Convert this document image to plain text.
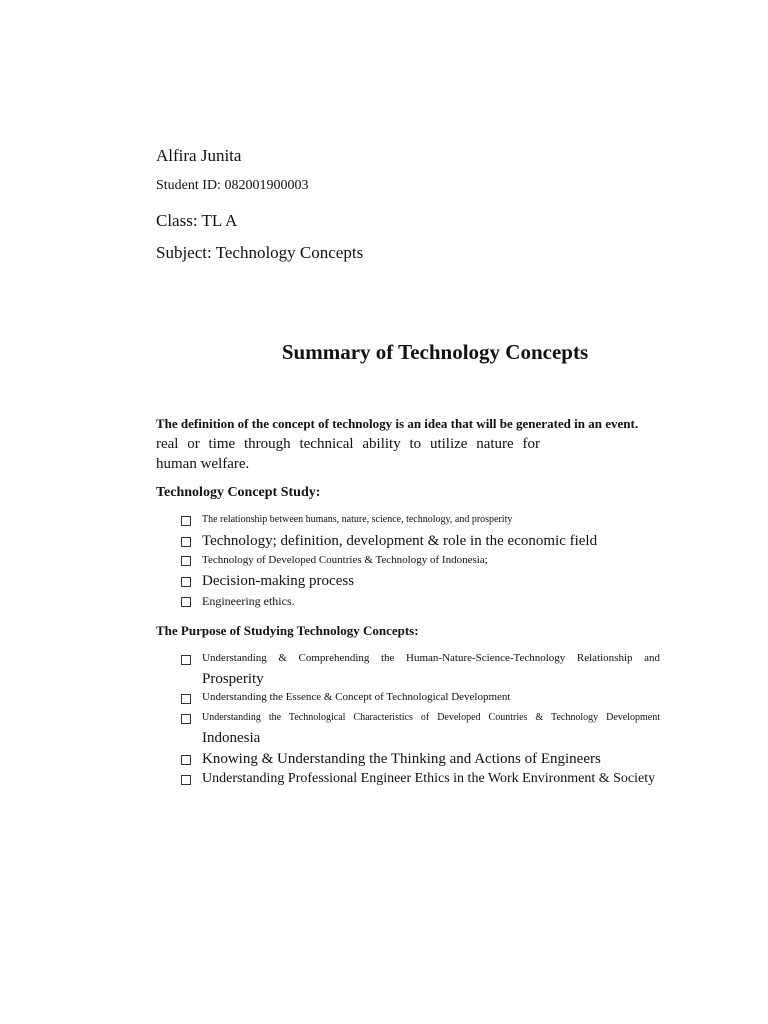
Alfira Junita
Student ID: 082001900003
Class: TL A
Subject: Technology Concepts
Summary of Technology Concepts
The definition of the concept of technology is an idea that will be generated in an event.
real or time through technical ability to utilize nature for
human welfare.
Technology Concept Study:
The relationship between humans, nature, science, technology, and prosperity
Technology; definition, development & role in the economic field
Technology of Developed Countries & Technology of Indonesia;
Decision-making process
Engineering ethics.
The Purpose of Studying Technology Concepts:
Understanding & Comprehending the Human-Nature-Science-Technology Relationship and
Prosperity
Understanding the Essence & Concept of Technological Development
Understanding the Technological Characteristics of Developed Countries & Technology Development
Indonesia
Knowing & Understanding the Thinking and Actions of Engineers
Understanding Professional Engineer Ethics in the Work Environment & Society
